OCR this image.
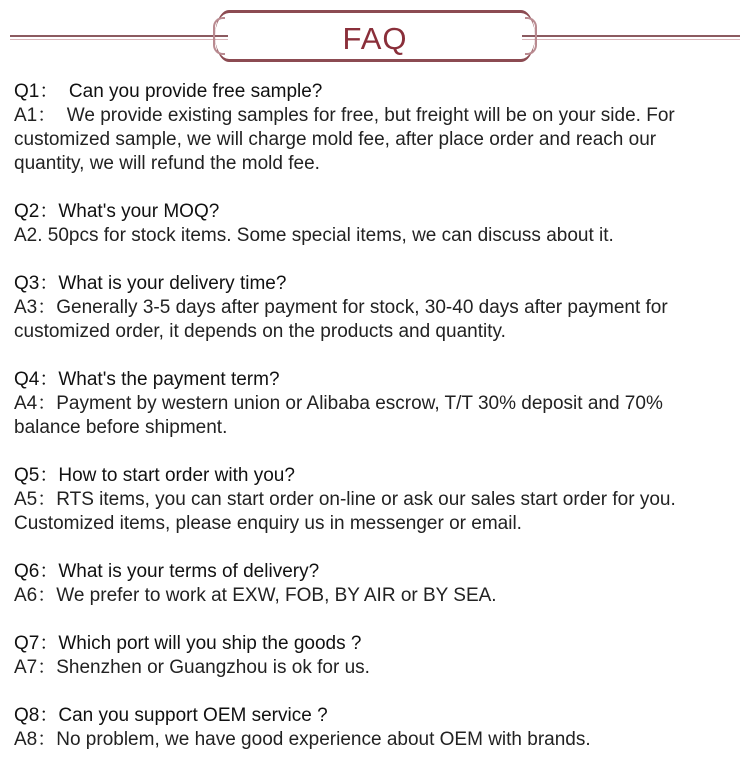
FAQ
Q1：  Can you provide free sample?
A1：  We provide existing samples for free, but freight will be on your side. For
customized sample, we will charge mold fee, after place order and reach our
quantity, we will refund the mold fee.
Q2：What's your MOQ?
A2. 50pcs for stock items. Some special items, we can discuss about it.
Q3：What is your delivery time?
A3：Generally 3-5 days after payment for stock, 30-40 days after payment for
customized order, it depends on the products and quantity.
Q4：What's the payment term?
A4：Payment by western union or Alibaba escrow, T/T 30% deposit and 70%
balance before shipment.
Q5：How to start order with you?
A5：RTS items, you can start order on-line or ask our sales start order for you.
Customized items, please enquiry us in messenger or email.
Q6：What is your terms of delivery?
A6：We prefer to work at EXW, FOB, BY AIR or BY SEA.
Q7：Which port will you ship the goods ?
A7：Shenzhen or Guangzhou is ok for us.
Q8：Can you support OEM service ?
A8：No problem, we have good experience about OEM with brands.
